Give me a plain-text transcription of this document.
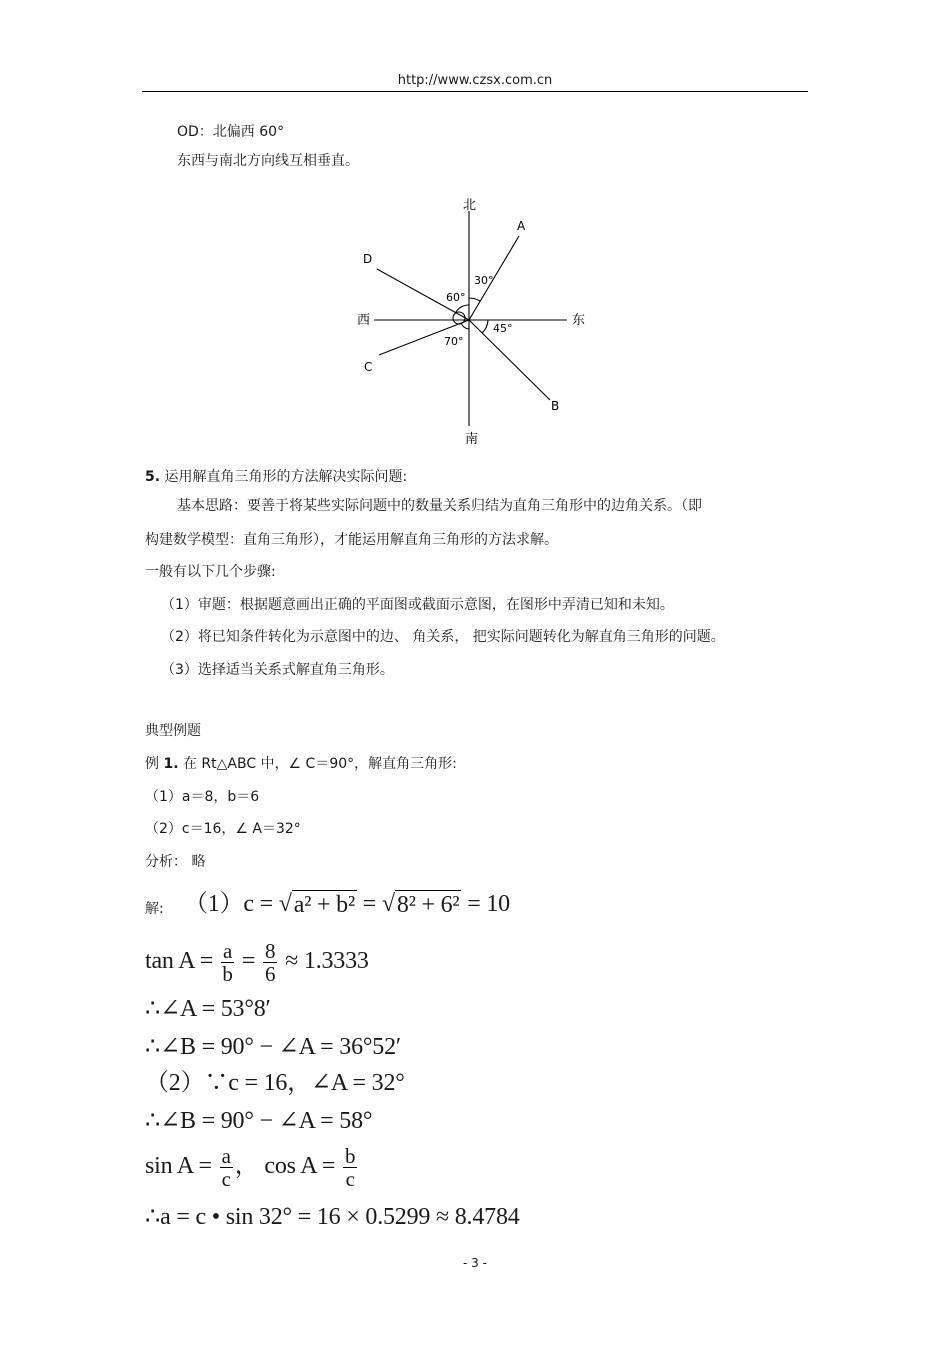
http://www.czsx.com.cn
OD：北偏西 60°
东西与南北方向线互相垂直。
北
南
东
西
A
B
C
D
30°
60°
45°
70°
5. 运用解直角三角形的方法解决实际问题:
基本思路：要善于将某些实际问题中的数量关系归结为直角三角形中的边角关系。（即
构建数学模型：直角三角形），才能运用解直角三角形的方法求解。
一般有以下几个步骤:
（1）审题：根据题意画出正确的平面图或截面示意图，在图形中弄清已知和未知。
（2）将已知条件转化为示意图中的边、 角关系， 把实际问题转化为解直角三角形的问题。
（3）选择适当关系式解直角三角形。
典型例题
例 1. 在 Rt△ABC 中，∠ C＝90°，解直角三角形:
（1）a＝8，b＝6
（2）c＝16，∠ A＝32°
分析： 略
解: （1）c = √ a² + b² = √ 8² + 6² = 10
$\tan A = \frac{a}{b} = \frac{8}{6} \approx 1.3333$
∴∠A = 53°8′
∴∠B = 90° − ∠A = 36°52′
（2）∵c = 16，∠A = 32°
∴∠B = 90° − ∠A = 58°
$\sin A = \frac{a}{c}$ ， $\cos A = \frac{b}{c}$
∴a = c • sin 32° = 16 × 0.5299 ≈ 8.4784
- 3 -
